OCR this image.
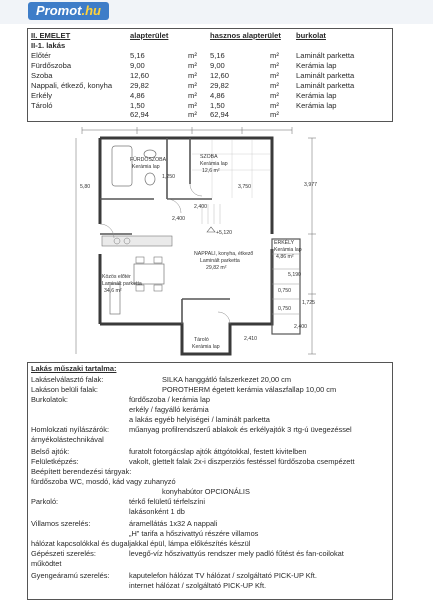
Promot.hu
II. EMELET	alapterület	hasznos alapterület burkolat
II-1. lakás
Előtér	5,16	m² 5,16	m² Laminált parketta
Fürdőszoba	9,00	m² 9,00	m² Kerámia lap
Szoba	12,60	m² 12,60	m² Laminált parketta
Nappali, étkező, konyha 29,82	m² 29,82	m² Laminált parketta
Erkély	4,86	m² 4,86	m² Kerámia lap
Tároló	1,50	m² 1,50	m² Kerámia lap
62,94	m² 62,94	m²
FÜRDŐSZOBA
Kerámia lap
SZOBA
Kerámia lap
12,6 m²
NAPPALI, konyha, étkező
Laminált parketta
29,82 m²
ERKÉLY
Kerámia lap
4,86 m²
Közös előtér
Laminált parketta
34,6 m²
Tároló
Kerámia lap
+5,120
3,977
5,190
5,80
2,400
2,400
1,725
0,750
0,750
2,400
3,750
1,250
2,410
Lakás műszaki tartalma:
Lakáselválasztó falak:	SILKA hanggátló falszerkezet 20,00 cm
Lakáson belüli falak:	POROTHERM égetett kerámia válaszfallap 10,00 cm
Burkolatok:	fürdőszoba / kerámia lap
erkély / fagyálló kerámia
a lakás egyéb helyiségei / laminált parketta
Homlokzati nyílászárók:	műanyag profilrendszerű ablakok és erkélyajtók 3 rtg-ú üvegezéssel
árnyékolástechnikával
Belső ajtók:	furatolt fotorgácslap ajtók áttgótokkal, festett kivitelben
Felületképzés:	vakolt, glettelt falak 2x-i diszperziós festéssel fürdőszoba csempézett
Beépített berendezési tárgyak:
fürdőszoba WC, mosdó, kád vagy zuhanyzó
konyhabútor OPCIONÁLIS
Parkoló:	térkő felületű térfelszíni
lakásonként 1 db
Villamos szerelés:	áramellátás 1x32 A nappali
„H” tarifa a hőszivattyú részére villamos
hálózat kapcsolókkal és dugaljakkal épül, lámpa előkészítés készül
Gépészeti szerelés:	levegő-víz hőszivattyús rendszer mely padló fűtést és fan-coilokat
működtet
Gyengeáramú szerelés:	kaputelefon hálózat TV hálózat / szolgáltató PICK-UP Kft.
internet hálózat / szolgáltató PICK-UP Kft.
